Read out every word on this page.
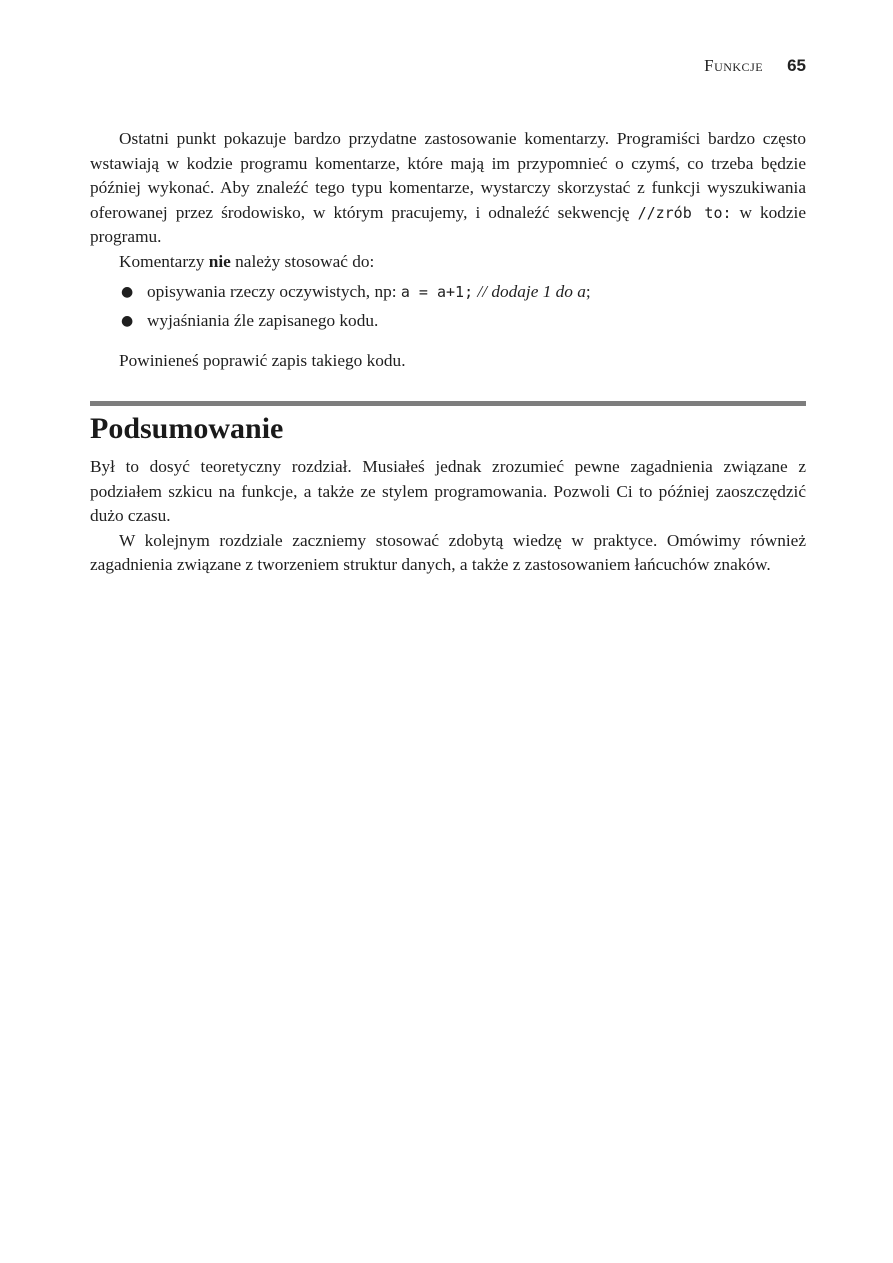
Funkcje 65

Ostatni punkt pokazuje bardzo przydatne zastosowanie komentarzy. Programiści bardzo często wstawiają w kodzie programu komentarze, które mają im przypomnieć o czymś, co trzeba będzie później wykonać. Aby znaleźć tego typu komentarze, wystarczy skorzystać z funkcji wyszukiwania oferowanej przez środowisko, w którym pracujemy, i odnaleźć sekwencję //zrób to: w kodzie programu.

Komentarzy nie należy stosować do:

● opisywania rzeczy oczywistych, np: a = a+1; // dodaje 1 do a;
● wyjaśniania źle zapisanego kodu.

Powinieneś poprawić zapis takiego kodu.

Podsumowanie

Był to dosyć teoretyczny rozdział. Musiałeś jednak zrozumieć pewne zagadnienia związane z podziałem szkicu na funkcje, a także ze stylem programowania. Pozwoli Ci to później zaoszczędzić dużo czasu.

W kolejnym rozdziale zaczniemy stosować zdobytą wiedzę w praktyce. Omówimy również zagadnienia związane z tworzeniem struktur danych, a także z zastosowaniem łańcuchów znaków.
